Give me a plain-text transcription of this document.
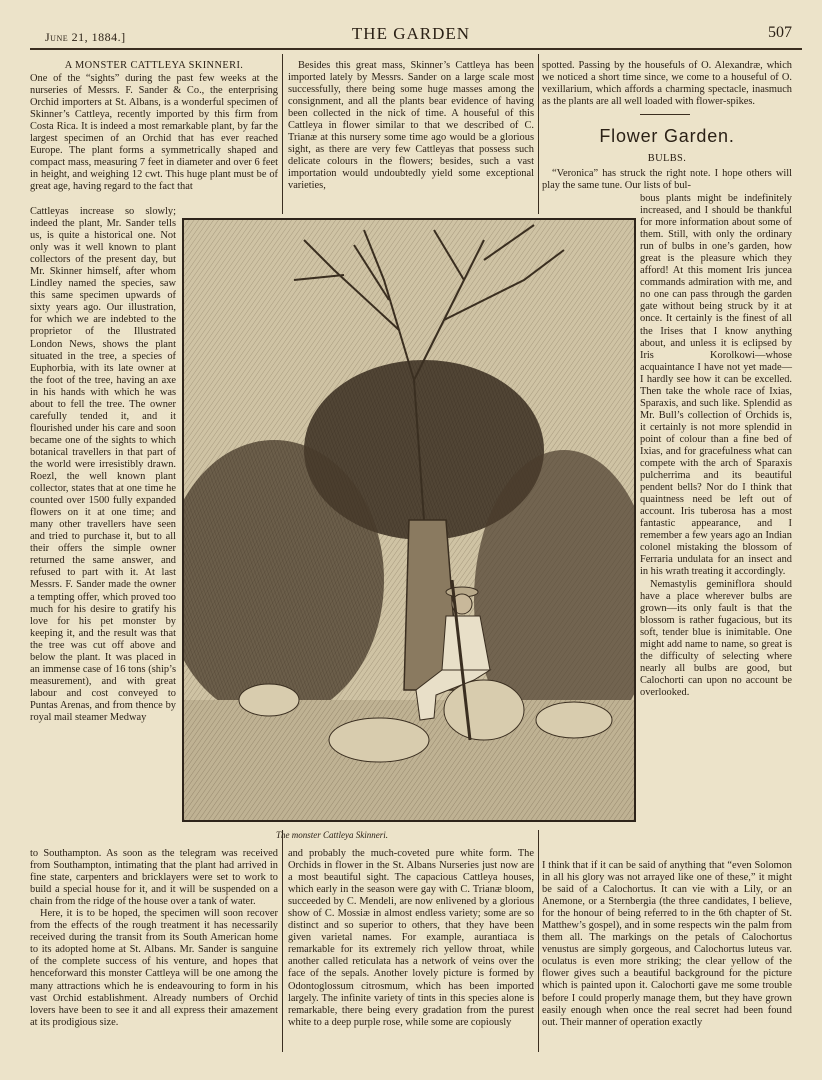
June 21, 1884.]	THE GARDEN	507
A MONSTER CATTLEYA SKINNERI.

One of the “sights” during the past few weeks at the nurseries of Messrs. F. Sander & Co., the enterprising Orchid importers at St. Albans, is a wonderful specimen of Skinner’s Cattleya, recently imported by this firm from Costa Rica. It is indeed a most remarkable plant, by far the largest specimen of an Orchid that has ever reached Europe. The plant forms a symmetrically shaped and compact mass, measuring 7 feet in diameter and over 6 feet in height, and weighing 12 cwt. This huge plant must be of great age, having regard to the fact that

Cattleyas increase so slowly; indeed the plant, Mr. Sander tells us, is quite a historical one. Not only was it well known to plant collectors of the present day, but Mr. Skinner himself, after whom Lindley named the species, saw this same specimen upwards of sixty years ago. Our illustration, for which we are indebted to the proprietor of the Illustrated London News, shows the plant situated in the tree, a species of Euphorbia, with its late owner at the foot of the tree, having an axe in his hands with which he was about to fell the tree. The owner carefully tended it, and it flourished under his care and soon became one of the sights to which botanical travellers in that part of the world were irresistibly drawn. Roezl, the well known plant collector, states that at one time he counted over 1500 fully expanded flowers on it at one time; and many other travellers have seen and tried to purchase it, but to all their offers the simple owner returned the same answer, and refused to part with it. At last Messrs. F. Sander made the owner a tempting offer, which proved too much for his desire to gratify his love for his pet monster by keeping it, and the result was that the tree was cut off above and below the plant. It was placed in an immense case of 16 tons (ship’s measurement), and with great labour and cost conveyed to Puntas Arenas, and from thence by royal mail steamer Medway

to Southampton. As soon as the telegram was received from Southampton, intimating that the plant had arrived in fine state, carpenters and bricklayers were set to work to build a special house for it, and it will be suspended on a chain from the ridge of the house over a tank of water.

Here, it is to be hoped, the specimen will soon recover from the effects of the rough treatment it has necessarily received during the transit from its South American home to its adopted home at St. Albans. Mr. Sander is sanguine of the complete success of his venture, and hopes that henceforward this monster Cattleya will be one among the many attractions which he is endeavouring to form in his vast Orchid establishment. Already numbers of Orchid lovers have been to see it and all express their amazement at its prodigious size.

Besides this great mass, Skinner’s Cattleya has been imported lately by Messrs. Sander on a large scale most successfully, there being some huge masses among the consignment, and all the plants bear evidence of having been collected in the nick of time. A houseful of this Cattleya in flower similar to that we described of C. Trianæ at this nursery some time ago would be a glorious sight, as there are very few Cattleyas that possess such delicate colours in the flowers; besides, such a vast importation would undoubtedly yield some exceptional varieties,

and probably the much-coveted pure white form. The Orchids in flower in the St. Albans Nurseries just now are a most beautiful sight. The capacious Cattleya houses, which early in the season were gay with C. Trianæ bloom, succeeded by C. Mendeli, are now enlivened by a glorious show of C. Mossiæ in almost endless variety; some are so distinct and so superior to others, that they have been given varietal names. For example, aurantiaca is remarkable for its extremely rich yellow throat, while another called reticulata has a network of veins over the face of the sepals. Another lovely picture is formed by Odontoglossum citrosmum, which has been imported largely. The infinite variety of tints in this species alone is remarkable, there being every gradation from the purest white to a deep purple rose, while some are copiously

spotted. Passing by the housefuls of O. Alexandræ, which we noticed a short time since, we come to a houseful of O. vexillarium, which affords a charming spectacle, inasmuch as the plants are all well loaded with flower-spikes.

Flower Garden.
BULBS.

“Veronica” has struck the right note. I hope others will play the same tune. Our lists of bul-

bous plants might be indefinitely increased, and I should be thankful for more information about some of them. Still, with only the ordinary run of bulbs in one’s garden, how great is the pleasure which they afford! At this moment Iris juncea commands admiration with me, and no one can pass through the garden gate without being struck by it at once. It certainly is the finest of all the Irises that I know anything about, and unless it is eclipsed by Iris Korolkowi—whose acquaintance I have not yet made—I hardly see how it can be excelled. Then take the whole race of Ixias, Sparaxis, and such like. Splendid as Mr. Bull’s collection of Orchids is, it certainly is not more splendid in point of colour than a fine bed of Ixias, and for gracefulness what can compete with the arch of Sparaxis pulcherrima and its beautiful pendent bells? Nor do I think that quaintness need be left out of account. Iris tuberosa has a most fantastic appearance, and I remember a few years ago an Indian colonel mistaking the blossom of Ferraria undulata for an insect and in his wrath treating it accordingly.

Nemastylis geminiflora should have a place wherever bulbs are grown—its only fault is that the blossom is rather fugacious, but its soft, tender blue is inimitable. One might add name to name, so great is the difficulty of selecting where nearly all bulbs are good, but Calochorti can upon no account be overlooked.

I think that if it can be said of anything that “even Solomon in all his glory was not arrayed like one of these,” it might be said of a Calochortus. It can vie with a Lily, or an Anemone, or a Sternbergia (the three candidates, I believe, for the honour of being referred to in the 6th chapter of St. Matthew’s gospel), and in some respects win the palm from them all. The markings on the petals of Calochortus venustus are simply gorgeous, and Calochortus luteus var. oculatus is even more striking; the clear yellow of the flower gives such a beautiful background for the picture which is painted upon it. Calochorti gave me some trouble before I could properly manage them, but they have grown easily enough when once the real secret had been found out. Their manner of operation exactly

The monster Cattleya Skinneri.
